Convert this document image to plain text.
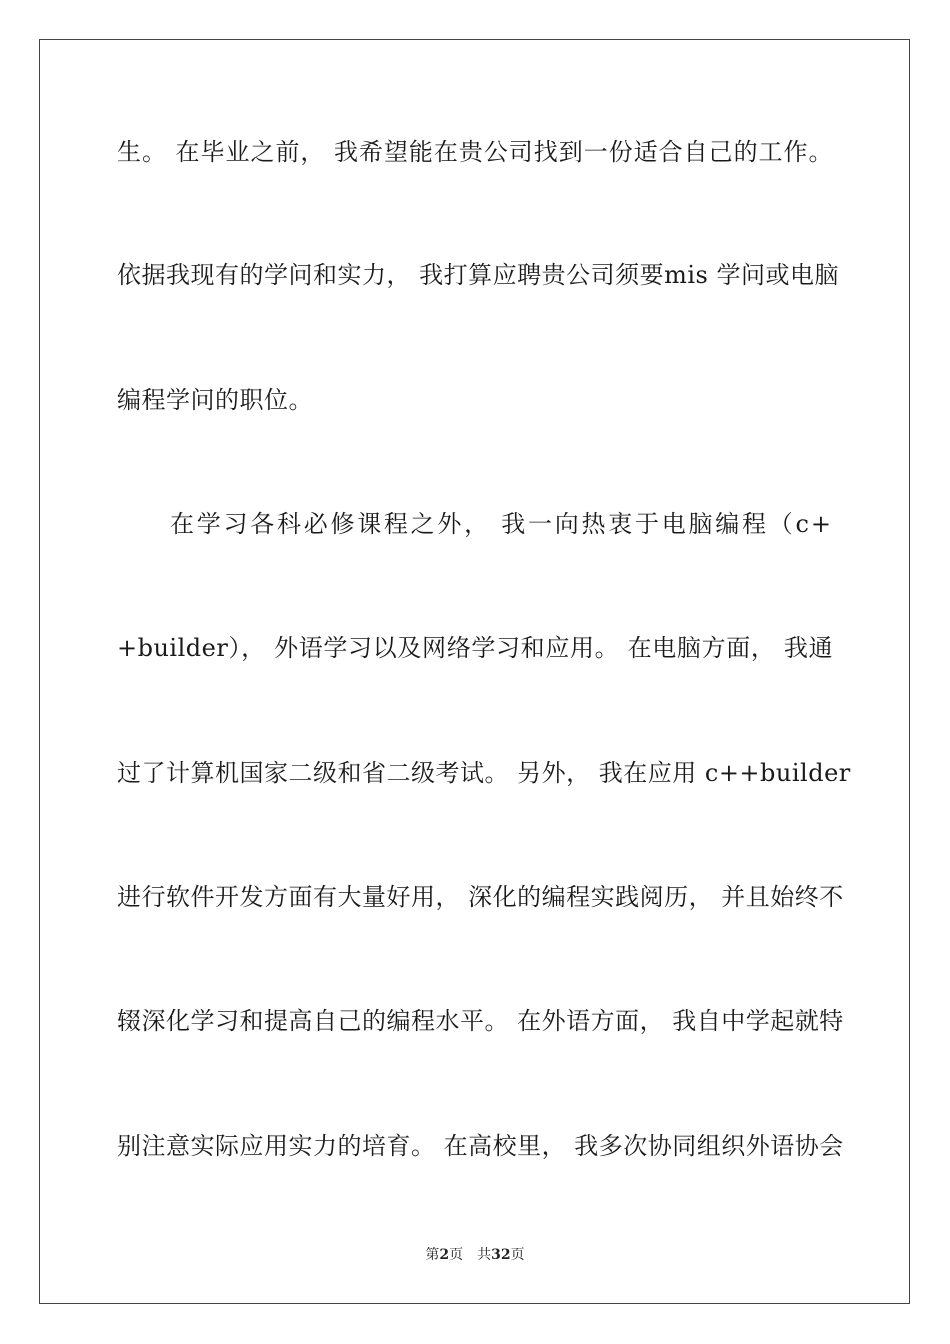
生。 在毕业之前， 我希望能在贵公司找到一份适合自己的工作。
依据我现有的学问和实力， 我打算应聘贵公司须要mis 学问或电脑
编程学问的职位。
在学习各科必修课程之外， 我一向热衷于电脑编程（c+
+builder）， 外语学习以及网络学习和应用。 在电脑方面， 我通
过了计算机国家二级和省二级考试。 另外， 我在应用 c++builder
进行软件开发方面有大量好用， 深化的编程实践阅历， 并且始终不
辍深化学习和提高自己的编程水平。 在外语方面， 我自中学起就特
别注意实际应用实力的培育。 在高校里， 我多次协同组织外语协会
第2页 共32页
